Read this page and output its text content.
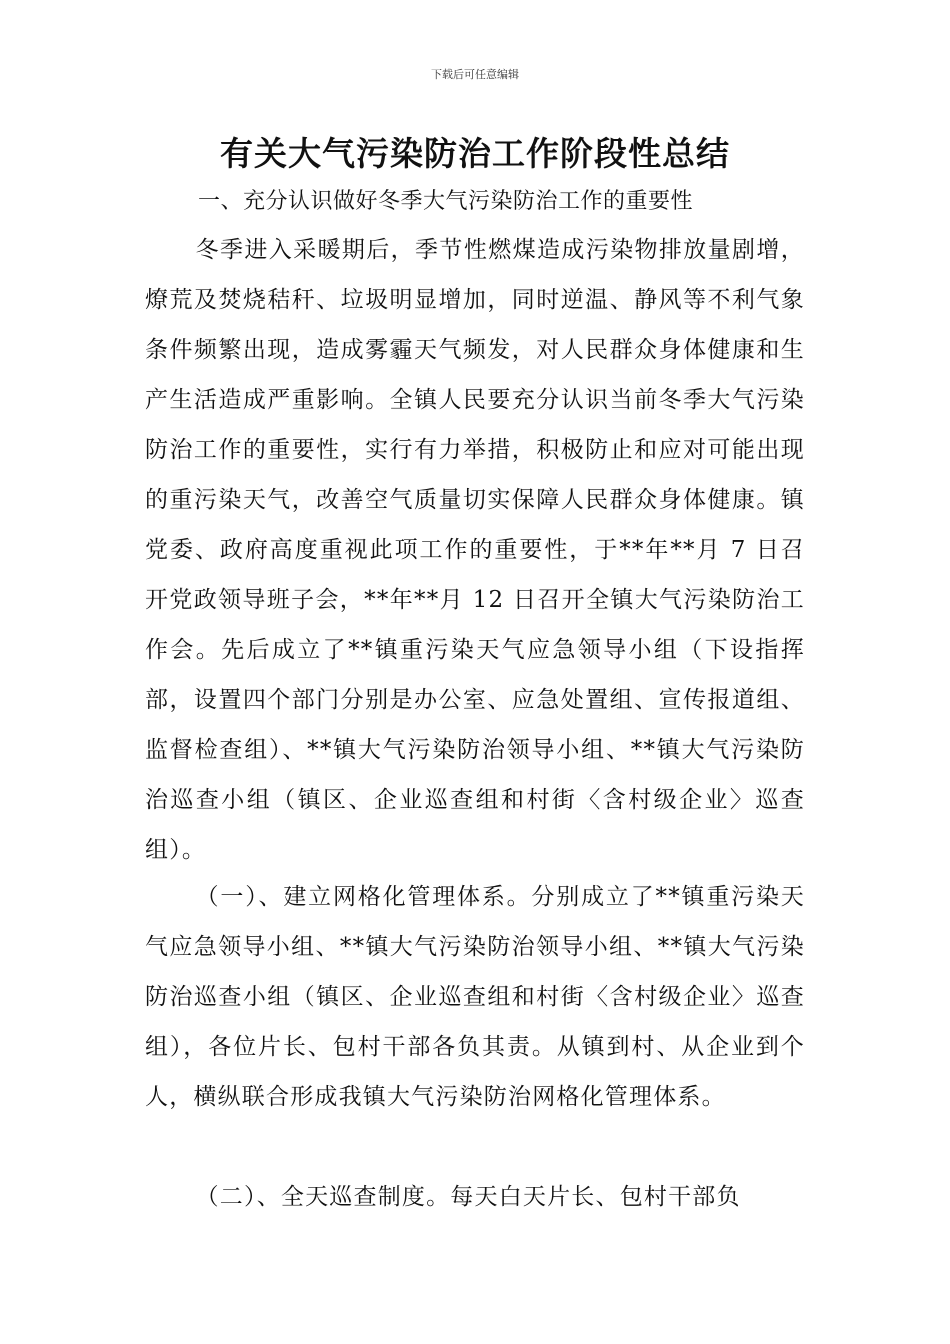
下载后可任意编辑
有关大气污染防治工作阶段性总结

一、充分认识做好冬季大气污染防治工作的重要性

冬季进入采暖期后，季节性燃煤造成污染物排放量剧增，燎荒及焚烧秸秆、垃圾明显增加，同时逆温、静风等不利气象条件频繁出现，造成雾霾天气频发，对人民群众身体健康和生产生活造成严重影响。全镇人民要充分认识当前冬季大气污染防治工作的重要性，实行有力举措，积极防止和应对可能出现的重污染天气，改善空气质量切实保障人民群众身体健康。镇党委、政府高度重视此项工作的重要性，于**年**月 7 日召开党政领导班子会，**年**月 12 日召开全镇大气污染防治工作会。先后成立了**镇重污染天气应急领导小组（下设指挥部，设置四个部门分别是办公室、应急处置组、宣传报道组、监督检查组）、**镇大气污染防治领导小组、**镇大气污染防治巡查小组（镇区、企业巡查组和村街〈含村级企业〉巡查组）。

（一）、建立网格化管理体系。分别成立了**镇重污染天气应急领导小组、**镇大气污染防治领导小组、**镇大气污染防治巡查小组（镇区、企业巡查组和村街〈含村级企业〉巡查组），各位片长、包村干部各负其责。从镇到村、从企业到个人，横纵联合形成我镇大气污染防治网格化管理体系。

（二）、全天巡查制度。每天白天片长、包村干部负
